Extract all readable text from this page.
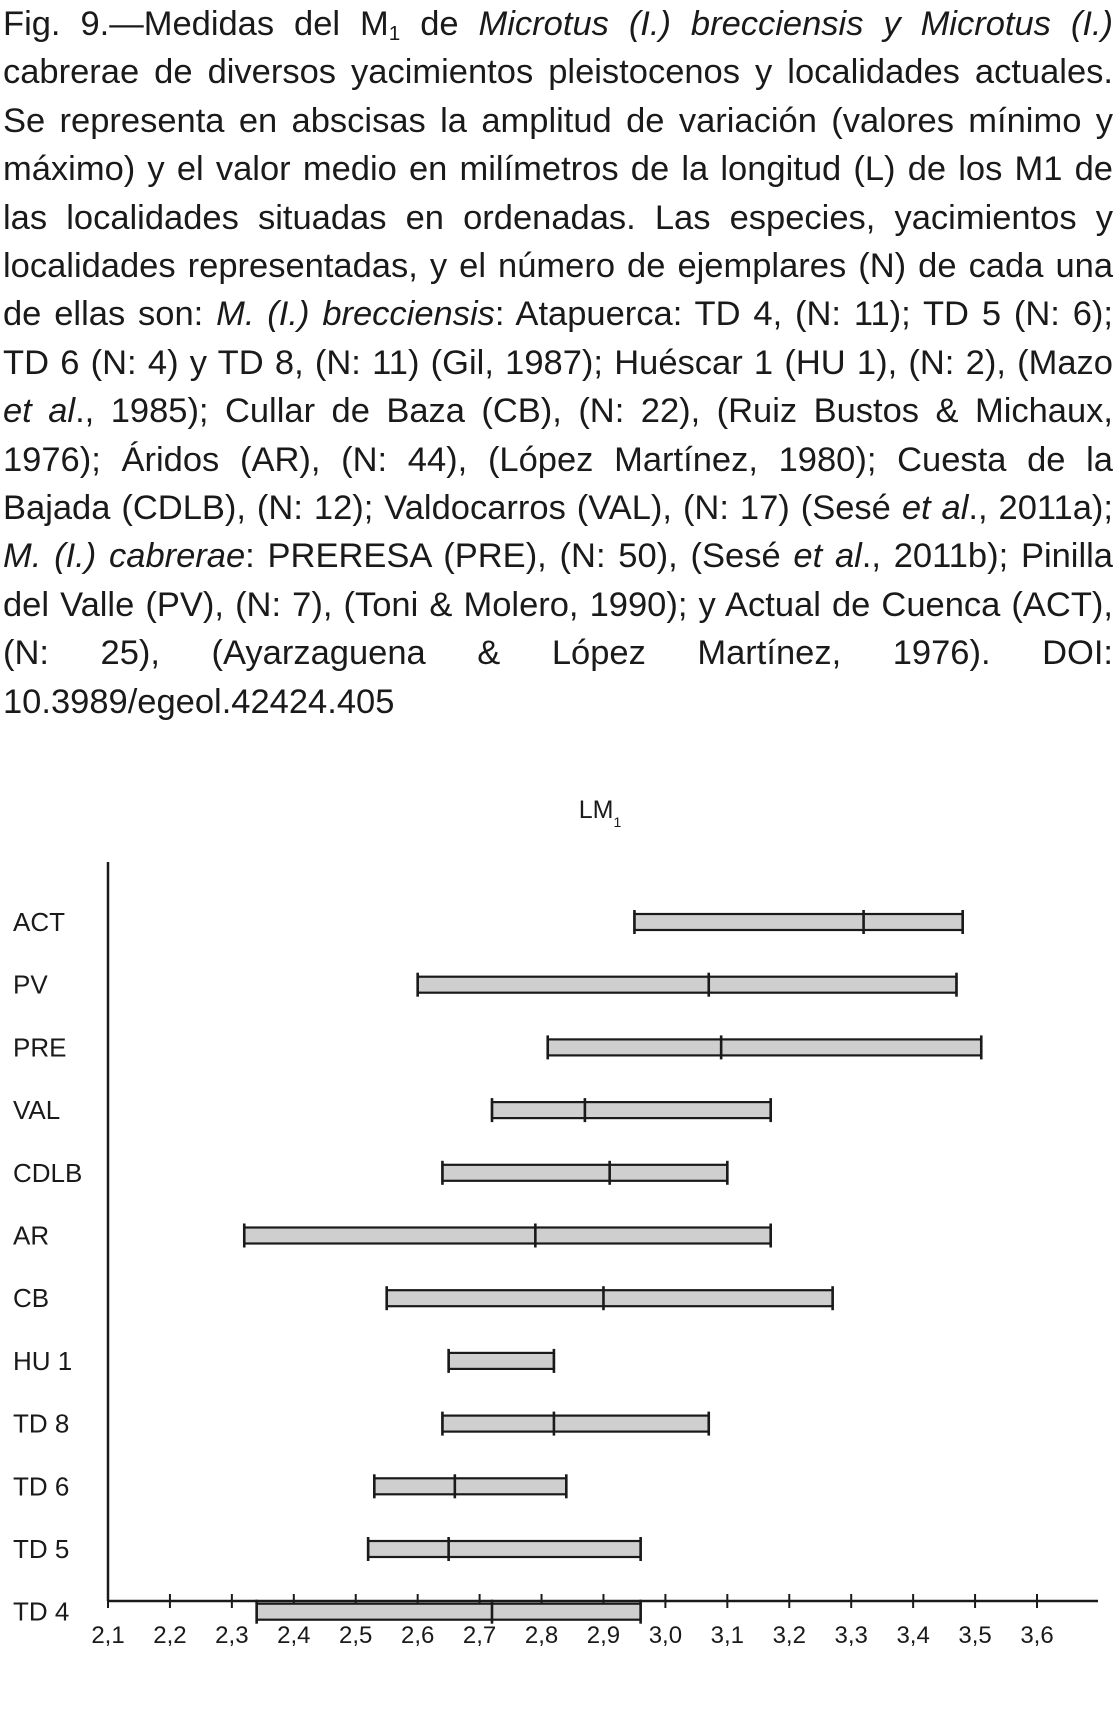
Fig. 9.—Medidas del $M_1$ de Microtus (I.) brecciensis y Microtus (I.) cabrerae de diversos yacimientos pleistocenos y localidades actuales. Se representa en abscisas la amplitud de variación (valores mínimo y máximo) y el valor medio en milímetros de la longitud (L) de los M1 de las localidades situadas en ordenadas. Las especies, yacimientos y localidades representadas, y el número de ejemplares (N) de cada una de ellas son: M. (I.) brecciensis: Atapuerca: TD 4, (N: 11); TD 5 (N: 6); TD 6 (N: 4) y TD 8, (N: 11) (Gil, 1987); Huéscar 1 (HU 1), (N: 2), (Mazo et al., 1985); Cullar de Baza (CB), (N: 22), (Ruiz Bustos & Michaux, 1976); Áridos (AR), (N: 44), (López Martínez, 1980); Cuesta de la Bajada (CDLB), (N: 12); Valdocarros (VAL), (N: 17) (Sesé et al., 2011a); M. (I.) cabrerae: PRERESA (PRE), (N: 50), (Sesé et al., 2011b); Pinilla del Valle (PV), (N: 7), (Toni & Molero, 1990); y Actual de Cuenca (ACT), (N: 25), (Ayarzaguena & López Martínez, 1976). DOI: 10.3989/egeol.42424.405
$LM_1$
2,1 2,2 2,3 2,4 2,5 2,6 2,7 2,8 2,9 3,0 3,1 3,2 3,3 3,4 3,5 3,6
ACT
PV
PRE
VAL
CDLB
AR
CB
HU 1
TD 8
TD 6
TD 5
TD 4
